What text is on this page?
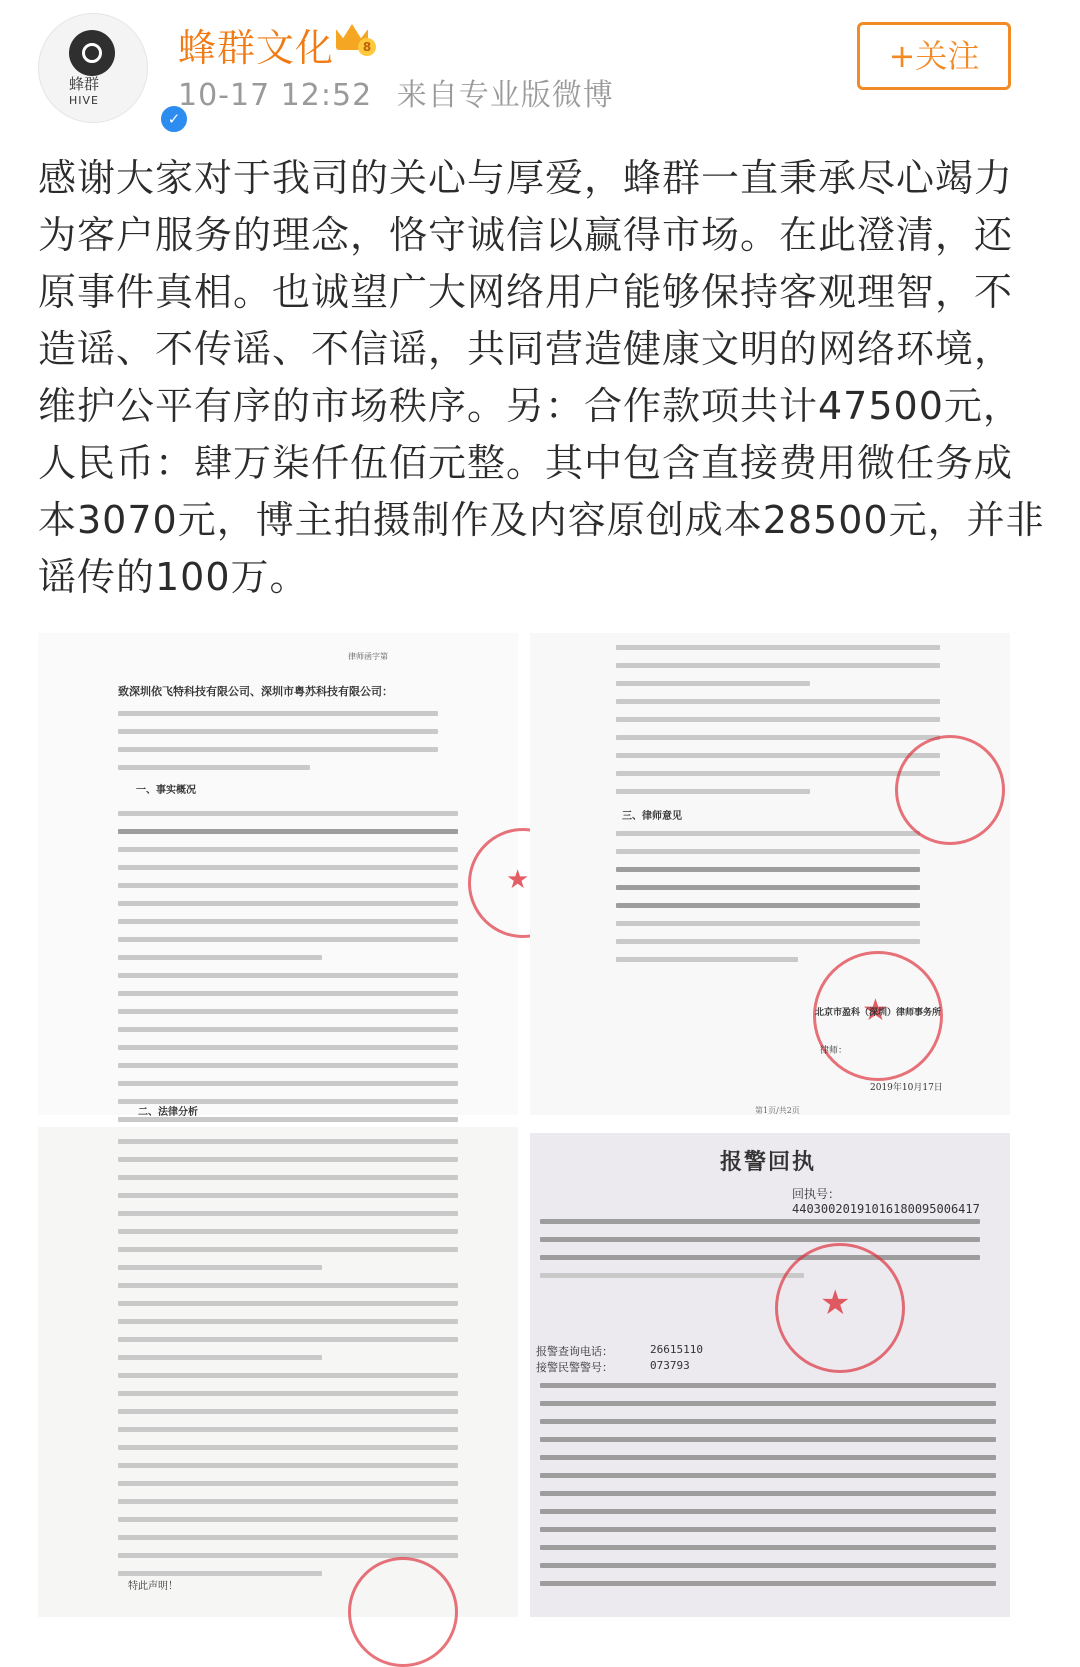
蜂群
HIVE
✓
蜂群文化	8
10-17 12:52 来自专业版微博
+关注
感谢大家对于我司的关心与厚爱，蜂群一直秉承尽心竭力为客户服务的理念，恪守诚信以赢得市场。在此澄清，还原事件真相。也诚望广大网络用户能够保持客观理智，不造谣、不传谣、不信谣，共同营造健康文明的网络环境，维护公平有序的市场秩序。另：合作款项共计47500元，人民币：肆万柒仟伍佰元整。其中包含直接费用微任务成本3070元，博主拍摄制作及内容原创成本28500元，并非谣传的100万。
律师函字第
致深圳依飞特科技有限公司、深圳市粤苏科技有限公司：
一、事实概况
★
二、法律分析
三、律师意见
★
北京市盈科（深圳）律师事务所
律师：
2019年10月17日
第1页/共2页
特此声明！
报警回执
回执号：44030020191016180095006417
★
报警查询电话：	26615110
接警民警警号：	073793
